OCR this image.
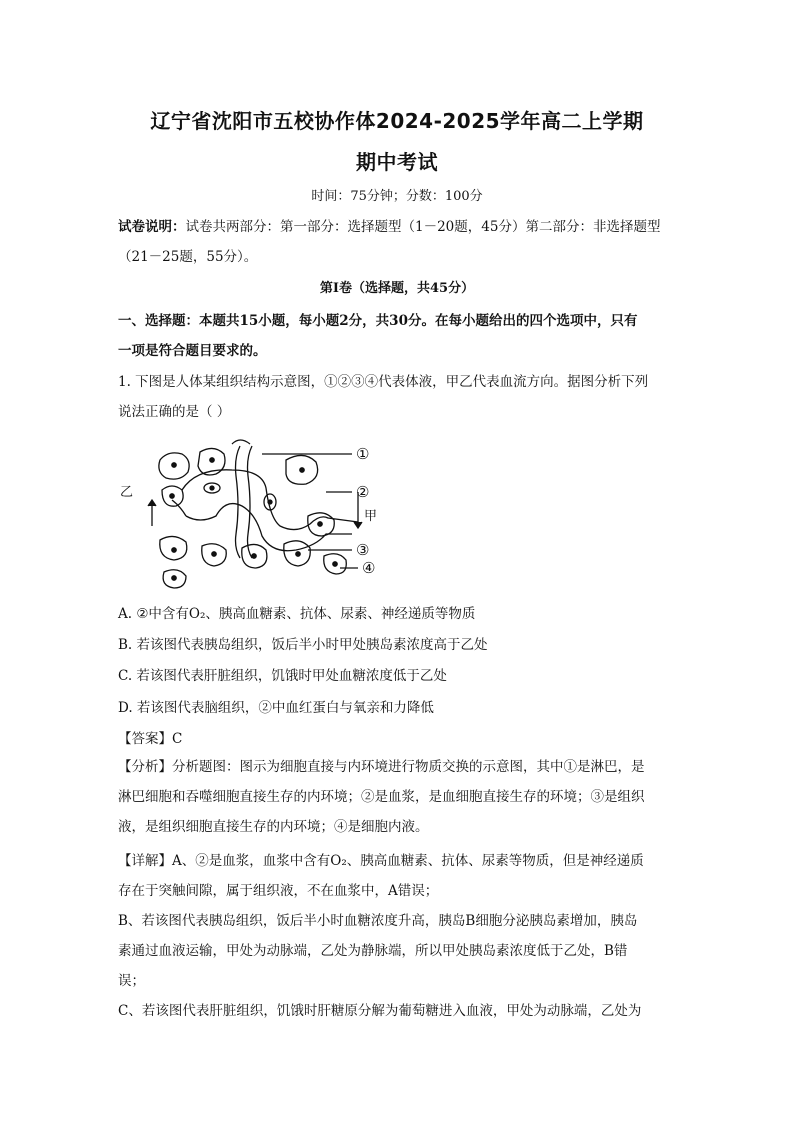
辽宁省沈阳市五校协作体2024-2025学年高二上学期
期中考试
时间：75分钟；分数：100分
试卷说明：试卷共两部分：第一部分：选择题型（1－20题，45分）第二部分：非选择题型
（21－25题，55分）。
第Ⅰ卷（选择题，共45分）
一、选择题：本题共15小题，每小题2分，共30分。在每小题给出的四个选项中，只有
一项是符合题目要求的。
1. 下图是人体某组织结构示意图，①②③④代表体液，甲乙代表血流方向。据图分析下列
说法正确的是（ ）
①
②
甲
③
④
乙
A. ②中含有O₂、胰高血糖素、抗体、尿素、神经递质等物质
B. 若该图代表胰岛组织，饭后半小时甲处胰岛素浓度高于乙处
C. 若该图代表肝脏组织，饥饿时甲处血糖浓度低于乙处
D. 若该图代表脑组织，②中血红蛋白与氧亲和力降低
【答案】C
【分析】分析题图：图示为细胞直接与内环境进行物质交换的示意图，其中①是淋巴，是
淋巴细胞和吞噬细胞直接生存的内环境；②是血浆，是血细胞直接生存的环境；③是组织
液，是组织细胞直接生存的内环境；④是细胞内液。
【详解】A、②是血浆，血浆中含有O₂、胰高血糖素、抗体、尿素等物质，但是神经递质
存在于突触间隙，属于组织液，不在血浆中，A错误；
B、若该图代表胰岛组织，饭后半小时血糖浓度升高，胰岛B细胞分泌胰岛素增加，胰岛
素通过血液运输，甲处为动脉端，乙处为静脉端，所以甲处胰岛素浓度低于乙处，B错
误；
C、若该图代表肝脏组织，饥饿时肝糖原分解为葡萄糖进入血液，甲处为动脉端，乙处为
